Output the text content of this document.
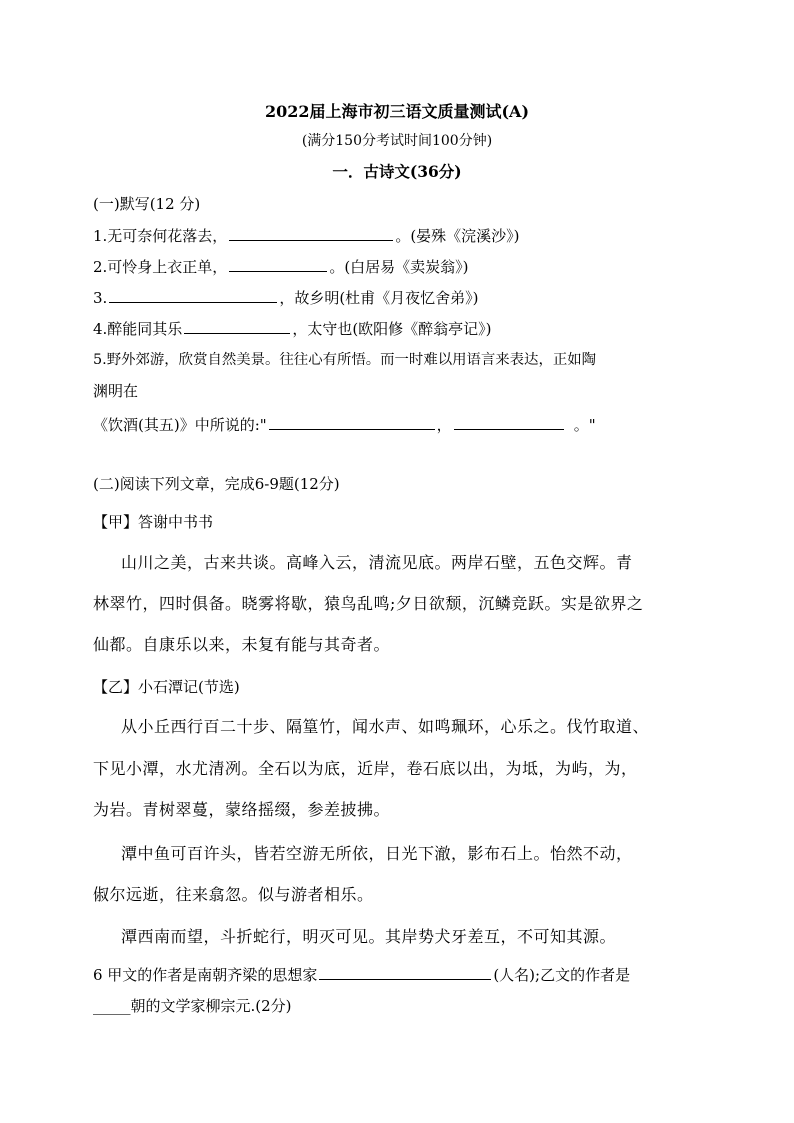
2022届上海市初三语文质量测试(A)
(满分150分考试时间100分钟)
一．古诗文(36分)
(一)默写(12 分)
1.无可奈何花落去，	。(晏殊《浣溪沙》)
2.可怜身上衣正单，	。(白居易《卖炭翁》)
3.	，故乡明(杜甫《月夜忆舍弟》)
4.醉能同其乐	，太守也(欧阳修《醉翁亭记》)
5.野外郊游，欣赏自然美景。往往心有所悟。而一时难以用语言来表达，正如陶
渊明在
《饮酒(其五)》中所说的:"	，	。"
(二)阅读下列文章，完成6-9题(12分)
【甲】答谢中书书
山川之美，古来共谈。高峰入云，清流见底。两岸石壁，五色交辉。青
林翠竹，四时俱备。晓雾将歇，猿鸟乱鸣;夕日欲颓，沉鳞竞跃。实是欲界之
仙都。自康乐以来，未复有能与其奇者。
【乙】小石潭记(节选)
从小丘西行百二十步、隔篁竹，闻水声、如鸣珮环，心乐之。伐竹取道、
下见小潭，水尤清冽。全石以为底，近岸，卷石底以出，为坻，为屿，为，
为岩。青树翠蔓，蒙络摇缀，参差披拂。
潭中鱼可百许头，皆若空游无所依，日光下澈，影布石上。怡然不动，
俶尔远逝，往来翕忽。似与游者相乐。
潭西南而望，斗折蛇行，明灭可见。其岸势犬牙差互，不可知其源。
6 甲文的作者是南朝齐梁的思想家	(人名);乙文的作者是
_____朝的文学家柳宗元.(2分)
